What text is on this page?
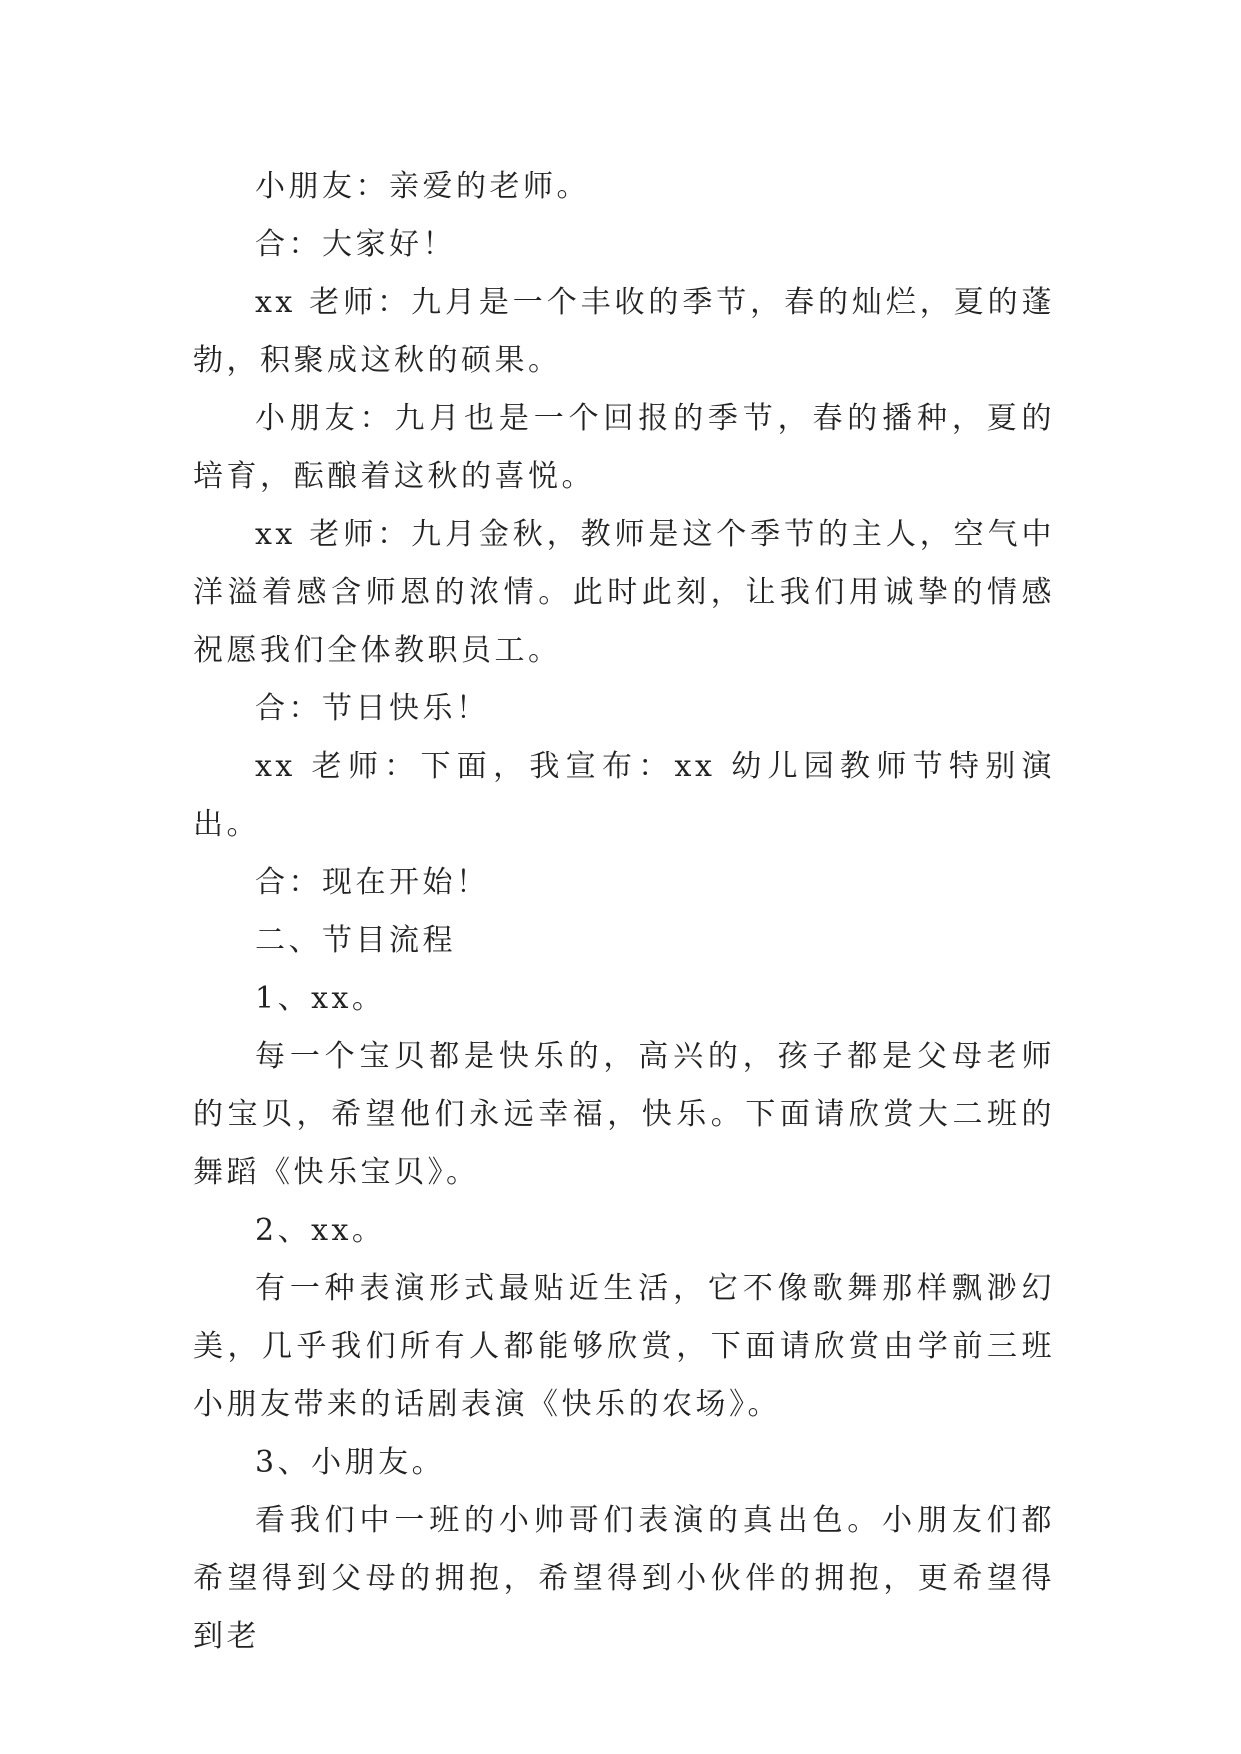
小朋友：亲爱的老师。

合：大家好！

xx 老师：九月是一个丰收的季节，春的灿烂，夏的蓬勃，积聚成这秋的硕果。

小朋友：九月也是一个回报的季节，春的播种，夏的培育，酝酿着这秋的喜悦。

xx 老师：九月金秋，教师是这个季节的主人，空气中洋溢着感含师恩的浓情。此时此刻，让我们用诚挚的情感祝愿我们全体教职员工。

合：节日快乐！

xx 老师：下面，我宣布：xx 幼儿园教师节特别演出。

合：现在开始！

二、节目流程

1、xx。

每一个宝贝都是快乐的，高兴的，孩子都是父母老师的宝贝，希望他们永远幸福，快乐。下面请欣赏大二班的舞蹈《快乐宝贝》。

2、xx。

有一种表演形式最贴近生活，它不像歌舞那样飘渺幻美，几乎我们所有人都能够欣赏，下面请欣赏由学前三班小朋友带来的话剧表演《快乐的农场》。

3、小朋友。

看我们中一班的小帅哥们表演的真出色。小朋友们都希望得到父母的拥抱，希望得到小伙伴的拥抱，更希望得到老
